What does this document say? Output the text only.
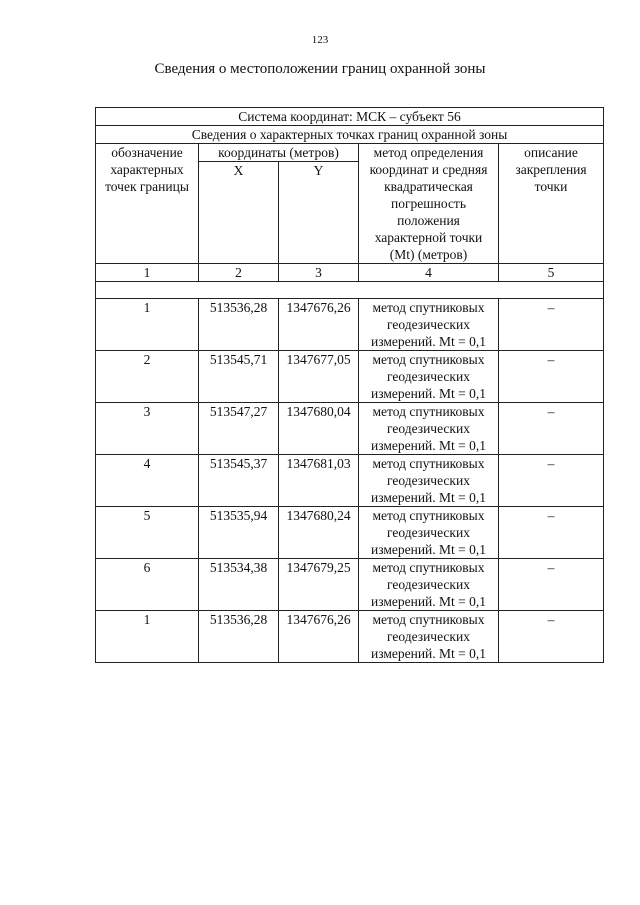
123
Сведения о местоположении границ охранной зоны
Система координат: МСК – субъект 56				
Сведения о характерных точках границ охранной зоны				
обозначение характерных точек границы	координаты (метров)		метод определения координат и средняя квадратическая погрешность положения характерной точки (Mt) (метров)	описание закрепления точки
	X	Y		
1	2	3	4	5

1	513536,28	1347676,26	метод спутниковых геодезических измерений. Mt = 0,1	–
2	513545,71	1347677,05	метод спутниковых геодезических измерений. Mt = 0,1	–
3	513547,27	1347680,04	метод спутниковых геодезических измерений. Mt = 0,1	–
4	513545,37	1347681,03	метод спутниковых геодезических измерений. Mt = 0,1	–
5	513535,94	1347680,24	метод спутниковых геодезических измерений. Mt = 0,1	–
6	513534,38	1347679,25	метод спутниковых геодезических измерений. Mt = 0,1	–
1	513536,28	1347676,26	метод спутниковых геодезических измерений. Mt = 0,1	–
